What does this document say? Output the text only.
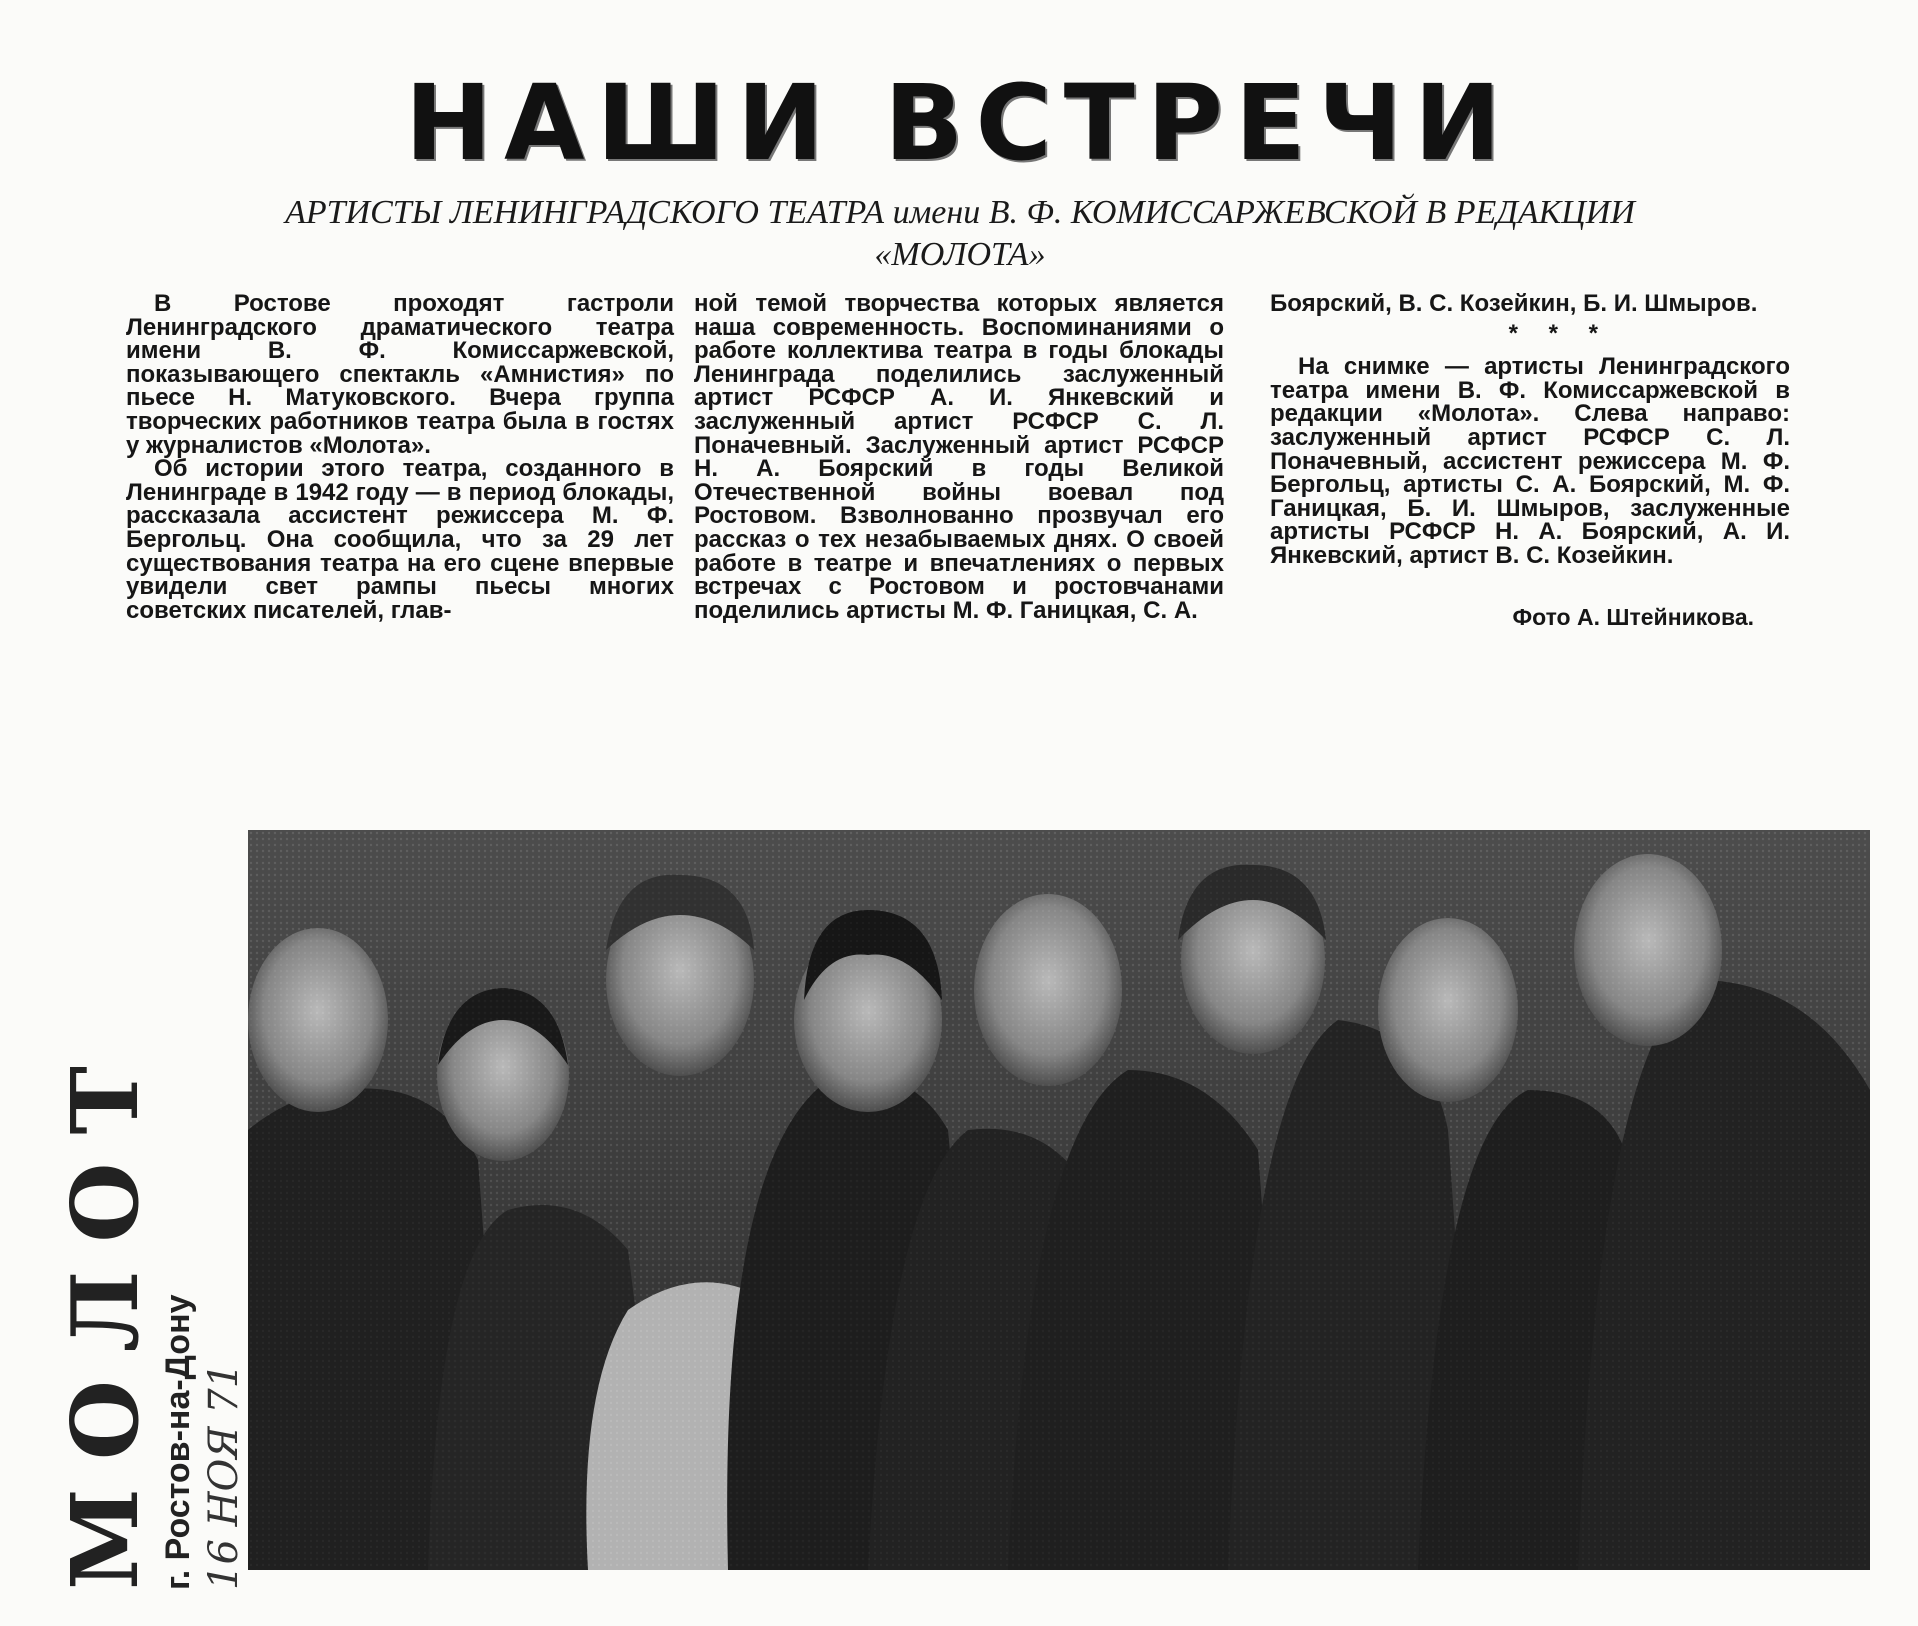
НАШИ ВСТРЕЧИ
АРТИСТЫ ЛЕНИНГРАДСКОГО ТЕАТРА имени В. Ф. КОМИССАРЖЕВСКОЙ В РЕДАКЦИИ «МОЛОТА»

В Ростове проходят гастроли Ленинградского драматического театра имени В. Ф. Комиссаржевской, показывающего спектакль «Амнистия» по пьесе Н. Матуковского. Вчера группа творческих работников театра была в гостях у журналистов «Молота».

Об истории этого театра, созданного в Ленинграде в 1942 году — в период блокады, рассказала ассистент режиссера М. Ф. Бергольц. Она сообщила, что за 29 лет существования театра на его сцене впервые увидели свет рампы пьесы многих советских писателей, глав-

ной темой творчества которых является наша современность. Воспоминаниями о работе коллектива театра в годы блокады Ленинграда поделились заслуженный артист РСФСР А. И. Янкевский и заслуженный артист РСФСР С. Л. Поначевный. Заслуженный артист РСФСР Н. А. Боярский в годы Великой Отечественной войны воевал под Ростовом. Взволнованно прозвучал его рассказ о тех незабываемых днях. О своей работе в театре и впечатлениях о первых встречах с Ростовом и ростовчанами поделились артисты М. Ф. Ганицкая, С. А.

Боярский, В. С. Козейкин, Б. И. Шмыров.

* * *

На снимке — артисты Ленинградского театра имени В. Ф. Комиссаржевской в редакции «Молота». Слева направо: заслуженный артист РСФСР С. Л. Поначевный, ассистент режиссера М. Ф. Бергольц, артисты С. А. Боярский, М. Ф. Ганицкая, Б. И. Шмыров, заслуженные артисты РСФСР Н. А. Боярский, А. И. Янкевский, артист В. С. Козейкин.

Фото А. Штейникова.
МОЛОТ г. Ростов-на-Дону 16 НОЯ 71
